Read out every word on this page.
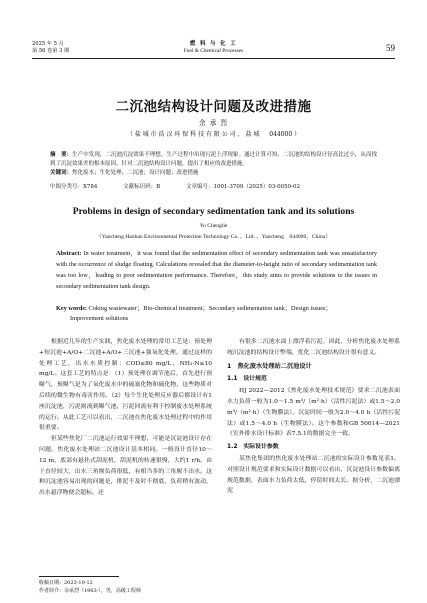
2025 年 5 月
第 56 卷第 3 期
燃 料 与 化 工
Fuel & Chemical Processes	59
二沉池结构设计问题及改进措施
余 承 烈
（ 盐 城 市 浩 汉 环 保 科 技 有 限 公 司 ， 盐 城 　 044000 ）
摘　要：生产中发现，二沉池沉淀效果不理想，生产过程中出现污泥上浮现象。通过计算可知，二沉池的结构设计径高比过小，从而找到了沉淀效果差的根本原因。针对二沉池结构设计问题，提出了相应的改进措施。
关键词：焦化废水；生化处理；二沉池；设计问题；改进措施
中图分类号：X784	文献标识码：B	文章编号：1001-3709（2025）03-0059-02
Problems in design of secondary sedimentation tank and its solutions
Yu Chenglie
（Yancheng Haohan Environmental Protection Technology Co．，Ltd．，Yancheng　044000，China）
Abstract: In water treatment，it was found that the sedimentation effect of secondary sedimentation tank was unsatisfactory with the occurrence of sludge floating. Calculations revealed that the diameter-to-height ratio of secondary sedimentation tank was too low，leading to poor sedimentation performance. Therefore，this study aims to provide solutions to the issues in secondary sedimentation tank design.
Key words: Coking wastewater；Bio-chemical treatment；Secondary sedimentation tank；Design issues；
Improvement solutions

根据近几年的生产实践，焦化废水处理的常用工艺是：预处理+短沉池+A/O+二沉池+A/O+三沉池+强氧化处理。通过这样的处理工艺，出水水质控制：COD≤80 mg/L，NH₃-N≤10 mg/L。这套工艺的特点是：（1）预处理在调节池后，首先进行预曝气，预曝气是为了氧化废水中的硫氰化物和硫化物，这些物质对后续的微生物有毒害作用。（2）每个生化处理反应器后都设计有1座沉淀池，污泥则流到曝气池，污泥回流有利于控制废水处理系统的运行。从此工艺可以看出，二沉池在焦化废水处理过程中的作用很重要。

但某些焦化厂二沉池运行效果不理想，可能是沉淀池设计存在问题。焦化废水处理站二沉池设计基本相同。一般设计直径10～12 m，底部有悬挂式刮泥机，刮泥机的转速很慢，大约1 r/h。由于直径较大，出水三角堰负荷很低，有相当多的三角堰不出水。这种沉淀池容易出现的问题是，排泥不及时不彻底，负荷稍有波动，出水悬浮物便会超标，还

有很多二沉池水面上漂浮着污泥。因此，分析焦化废水处理系统沉淀池的结构设计弊端，优化二沉池结构设计很有意义。

1　焦化废水处理站二沉池设计
1.1　设计规范

HJ 2022—2012《焦化废水处理技术规范》要求二沉池表面水力负荷一般为1.0～1.5 m³/（m²·h）（活性污泥法）或1.5～2.0 m³/（m²·h）（生物膜法），沉淀时间一般为2.0～4.0 h（活性污泥法）或1.5～4.0 h（生物膜法）。这个参数和GB 50014—2021《室外排水设计标准》表7.5.1的数据完全一致。

1.2　实际设计参数

某焦化集团的焦化废水处理站二沉池的实际设计参数见表1。对照设计规范要求和实际设计数据可以看出，沉淀池设计参数偏离规范数据，表面水力负荷太低，停留时间太长。据分析，二沉池漂泥

收稿日期：2023-10-12
作者简介：余承烈（1963-），男，高级工程师
